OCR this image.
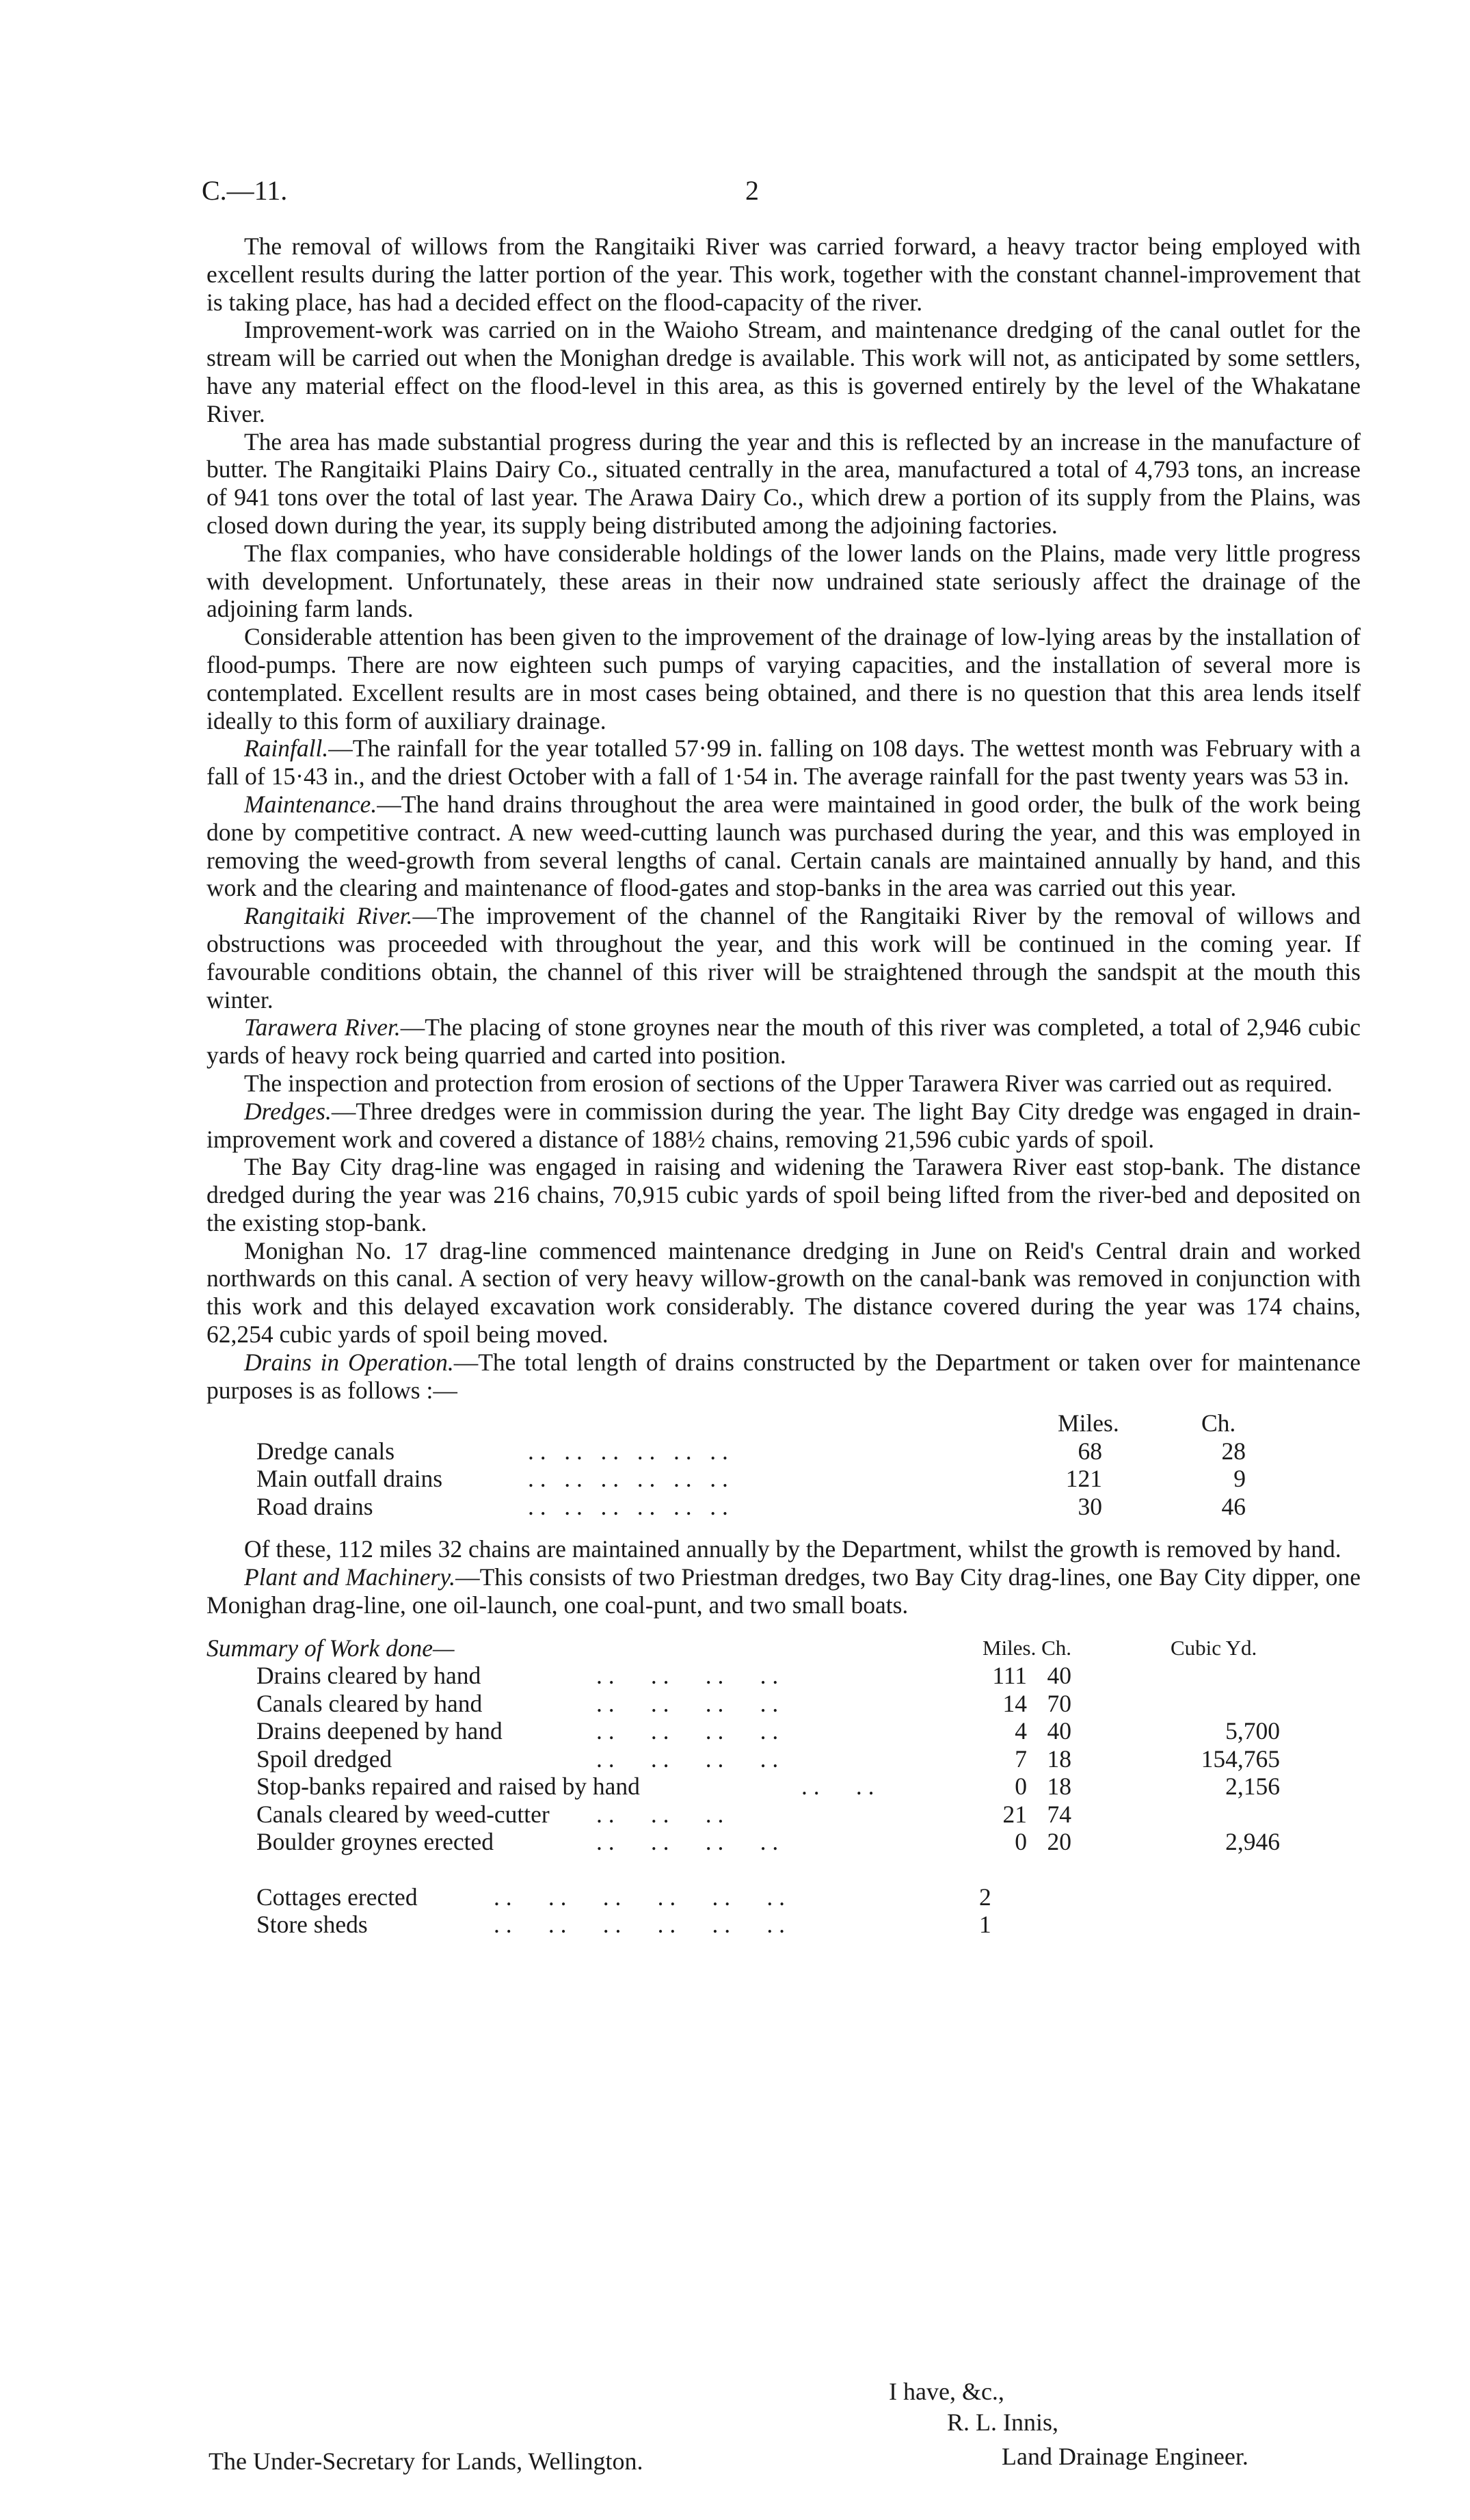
C.—11.	2

The removal of willows from the Rangitaiki River was carried forward, a heavy tractor being employed with excellent results during the latter portion of the year. This work, together with the constant channel-improvement that is taking place, has had a decided effect on the flood-capacity of the river.

Improvement-work was carried on in the Waioho Stream, and maintenance dredging of the canal outlet for the stream will be carried out when the Monighan dredge is available. This work will not, as anticipated by some settlers, have any material effect on the flood-level in this area, as this is governed entirely by the level of the Whakatane River.

The area has made substantial progress during the year and this is reflected by an increase in the manufacture of butter. The Rangitaiki Plains Dairy Co., situated centrally in the area, manufactured a total of 4,793 tons, an increase of 941 tons over the total of last year. The Arawa Dairy Co., which drew a portion of its supply from the Plains, was closed down during the year, its supply being distributed among the adjoining factories.

The flax companies, who have considerable holdings of the lower lands on the Plains, made very little progress with development. Unfortunately, these areas in their now undrained state seriously affect the drainage of the adjoining farm lands.

Considerable attention has been given to the improvement of the drainage of low-lying areas by the installation of flood-pumps. There are now eighteen such pumps of varying capacities, and the installation of several more is contemplated. Excellent results are in most cases being obtained, and there is no question that this area lends itself ideally to this form of auxiliary drainage.

Rainfall.—The rainfall for the year totalled 57·99 in. falling on 108 days. The wettest month was February with a fall of 15·43 in., and the driest October with a fall of 1·54 in. The average rainfall for the past twenty years was 53 in.

Maintenance.—The hand drains throughout the area were maintained in good order, the bulk of the work being done by competitive contract. A new weed-cutting launch was purchased during the year, and this was employed in removing the weed-growth from several lengths of canal. Certain canals are maintained annually by hand, and this work and the clearing and maintenance of flood-gates and stop-banks in the area was carried out this year.

Rangitaiki River.—The improvement of the channel of the Rangitaiki River by the removal of willows and obstructions was proceeded with throughout the year, and this work will be continued in the coming year. If favourable conditions obtain, the channel of this river will be straightened through the sandspit at the mouth this winter.

Tarawera River.—The placing of stone groynes near the mouth of this river was completed, a total of 2,946 cubic yards of heavy rock being quarried and carted into position.

The inspection and protection from erosion of sections of the Upper Tarawera River was carried out as required.

Dredges.—Three dredges were in commission during the year. The light Bay City dredge was engaged in drain-improvement work and covered a distance of 188½ chains, removing 21,596 cubic yards of spoil.

The Bay City drag-line was engaged in raising and widening the Tarawera River east stop-bank. The distance dredged during the year was 216 chains, 70,915 cubic yards of spoil being lifted from the river-bed and deposited on the existing stop-bank.

Monighan No. 17 drag-line commenced maintenance dredging in June on Reid's Central drain and worked northwards on this canal. A section of very heavy willow-growth on the canal-bank was removed in conjunction with this work and this delayed excavation work considerably. The distance covered during the year was 174 chains, 62,254 cubic yards of spoil being moved.

Drains in Operation.—The total length of drains constructed by the Department or taken over for maintenance purposes is as follows :—

Miles.	Ch.
Dredge canals	. .   . .   . .   . .   . .   . .	68	28
Main outfall drains	. .   . .   . .   . .   . .   . .	121	9
Road drains	. .   . .   . .   . .   . .   . .	30	46

Of these, 112 miles 32 chains are maintained annually by the Department, whilst the growth is removed by hand.

Plant and Machinery.—This consists of two Priestman dredges, two Bay City drag-lines, one Bay City dipper, one Monighan drag-line, one oil-launch, one coal-punt, and two small boats.

Summary of Work done—	Miles. Ch.	Cubic Yd.
Drains cleared by hand	. .      . .      . .      . .	111 40
Canals cleared by hand	. .      . .      . .      . .	14 70
Drains deepened by hand	. .      . .      . .      . .	4 40	5,700
Spoil dredged	. .      . .      . .      . .	7 18	154,765
Stop-banks repaired and raised by hand	. .      . .	0 18	2,156
Canals cleared by weed-cutter . .      . .      . .	21 74
Boulder groynes erected	. .      . .      . .      . .	0 20	2,946
Cottages erected	. .      . .      . .      . .      . .      . .	2
Store sheds	. .      . .      . .      . .      . .      . .	1
I have, &c.,
R. L. Innis,
Land Drainage Engineer.
The Under-Secretary for Lands, Wellington.
